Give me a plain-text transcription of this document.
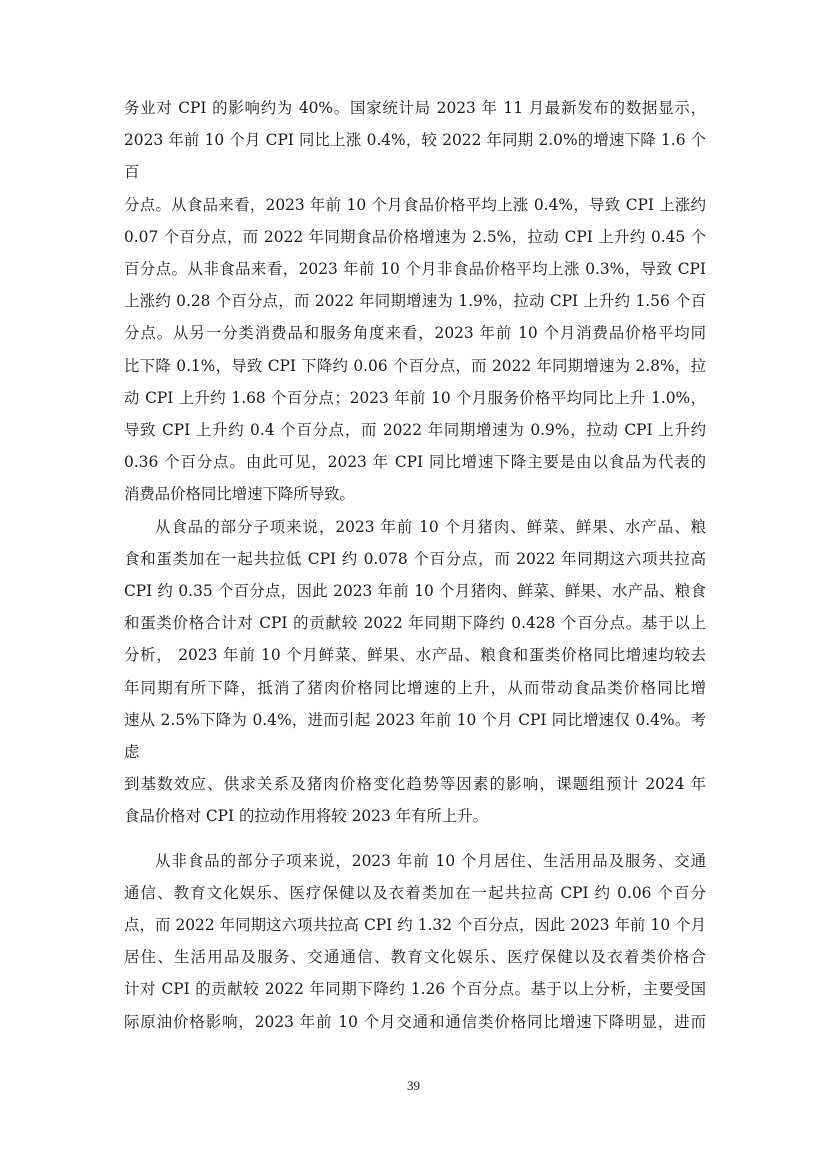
务业对 CPI 的影响约为 40%。国家统计局 2023 年 11 月最新发布的数据显示，
2023 年前 10 个月 CPI 同比上涨 0.4%，较 2022 年同期 2.0%的增速下降 1.6 个百
分点。从食品来看，2023 年前 10 个月食品价格平均上涨 0.4%，导致 CPI 上涨约
0.07 个百分点，而 2022 年同期食品价格增速为 2.5%，拉动 CPI 上升约 0.45 个
百分点。从非食品来看，2023 年前 10 个月非食品价格平均上涨 0.3%，导致 CPI
上涨约 0.28 个百分点，而 2022 年同期增速为 1.9%，拉动 CPI 上升约 1.56 个百
分点。从另一分类消费品和服务角度来看，2023 年前 10 个月消费品价格平均同
比下降 0.1%，导致 CPI 下降约 0.06 个百分点，而 2022 年同期增速为 2.8%，拉
动 CPI 上升约 1.68 个百分点；2023 年前 10 个月服务价格平均同比上升 1.0%，
导致 CPI 上升约 0.4 个百分点，而 2022 年同期增速为 0.9%，拉动 CPI 上升约
0.36 个百分点。由此可见，2023 年 CPI 同比增速下降主要是由以食品为代表的
消费品价格同比增速下降所导致。
从食品的部分子项来说，2023 年前 10 个月猪肉、鲜菜、鲜果、水产品、粮
食和蛋类加在一起共拉低 CPI 约 0.078 个百分点，而 2022 年同期这六项共拉高
CPI 约 0.35 个百分点，因此 2023 年前 10 个月猪肉、鲜菜、鲜果、水产品、粮食
和蛋类价格合计对 CPI 的贡献较 2022 年同期下降约 0.428 个百分点。基于以上
分析， 2023 年前 10 个月鲜菜、鲜果、水产品、粮食和蛋类价格同比增速均较去
年同期有所下降，抵消了猪肉价格同比增速的上升，从而带动食品类价格同比增
速从 2.5%下降为 0.4%，进而引起 2023 年前 10 个月 CPI 同比增速仅 0.4%。考虑
到基数效应、供求关系及猪肉价格变化趋势等因素的影响，课题组预计 2024 年
食品价格对 CPI 的拉动作用将较 2023 年有所上升。
从非食品的部分子项来说，2023 年前 10 个月居住、生活用品及服务、交通
通信、教育文化娱乐、医疗保健以及衣着类加在一起共拉高 CPI 约 0.06 个百分
点，而 2022 年同期这六项共拉高 CPI 约 1.32 个百分点，因此 2023 年前 10 个月
居住、生活用品及服务、交通通信、教育文化娱乐、医疗保健以及衣着类价格合
计对 CPI 的贡献较 2022 年同期下降约 1.26 个百分点。基于以上分析，主要受国
际原油价格影响，2023 年前 10 个月交通和通信类价格同比增速下降明显，进而
39
